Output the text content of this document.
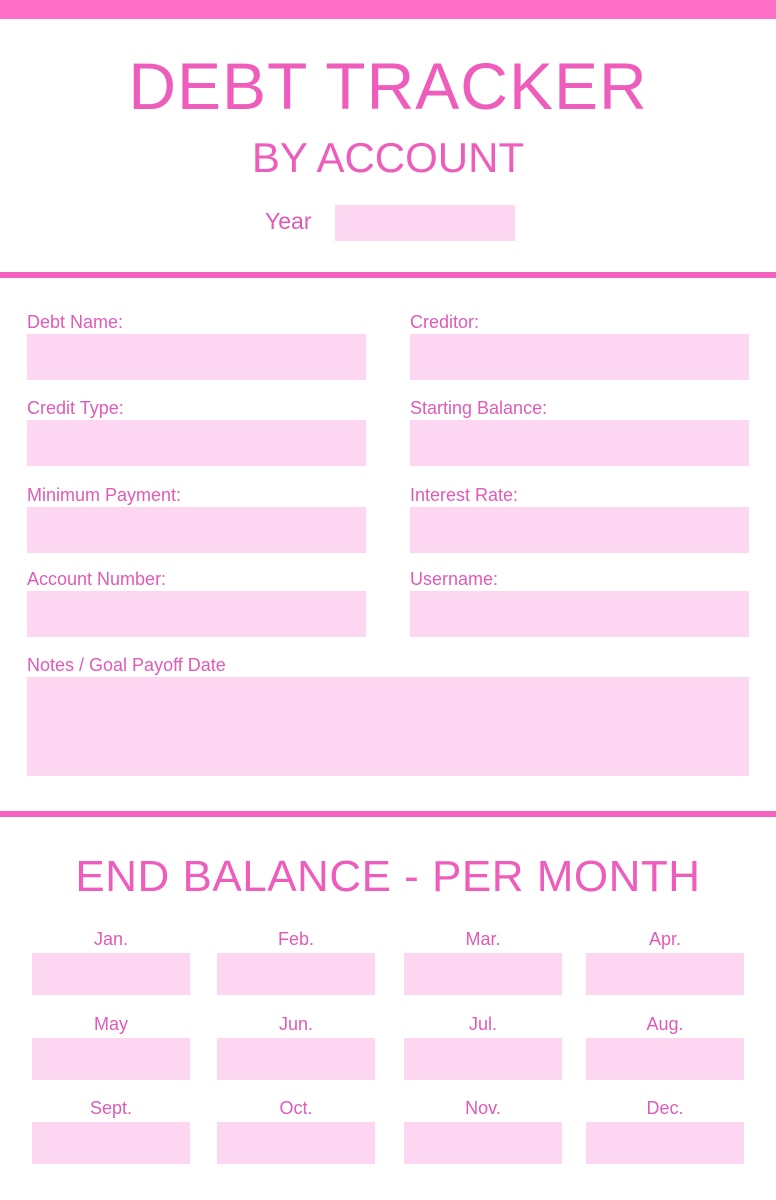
DEBT TRACKER
BY ACCOUNT
Year
Debt Name:	Creditor:
Credit Type:	Starting Balance:
Minimum Payment:	Interest Rate:
Account Number:	Username:
Notes / Goal Payoff Date
END BALANCE - PER MONTH
Jan.	Feb.	Mar.	Apr.
May	Jun.	Jul.	Aug.
Sept.	Oct.	Nov.	Dec.
